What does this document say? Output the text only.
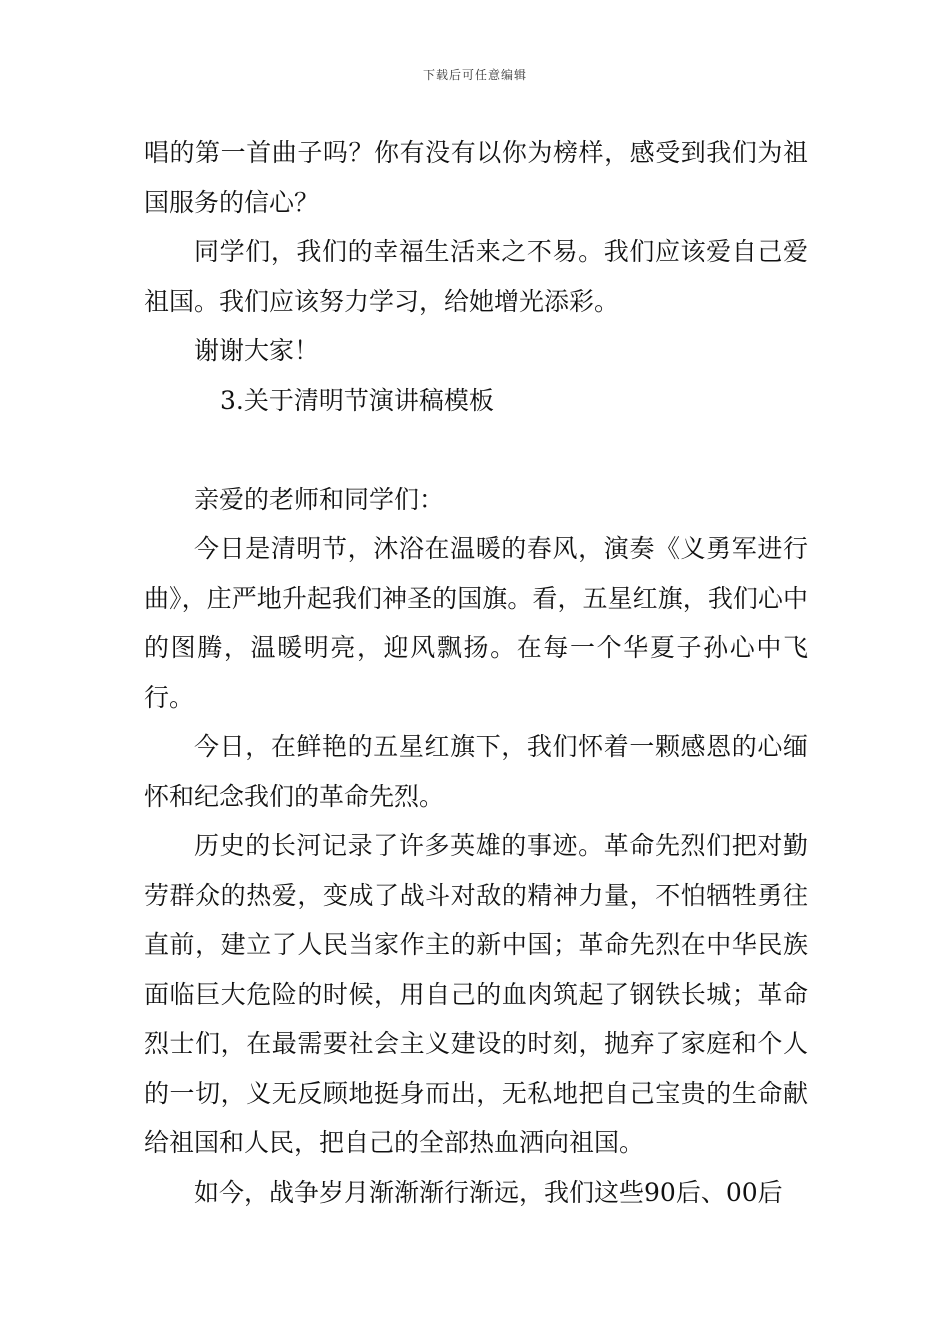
下载后可任意编辑

唱的第一首曲子吗？你有没有以你为榜样，感受到我们为祖国服务的信心？

同学们，我们的幸福生活来之不易。我们应该爱自己爱祖国。我们应该努力学习，给她增光添彩。

谢谢大家！

3.关于清明节演讲稿模板

亲爱的老师和同学们：

今日是清明节，沐浴在温暖的春风，演奏《义勇军进行曲》，庄严地升起我们神圣的国旗。看，五星红旗，我们心中的图腾，温暖明亮，迎风飘扬。在每一个华夏子孙心中飞行。

今日，在鲜艳的五星红旗下，我们怀着一颗感恩的心缅怀和纪念我们的革命先烈。

历史的长河记录了许多英雄的事迹。革命先烈们把对勤劳群众的热爱，变成了战斗对敌的精神力量，不怕牺牲勇往直前，建立了人民当家作主的新中国；革命先烈在中华民族面临巨大危险的时候，用自己的血肉筑起了钢铁长城；革命烈士们，在最需要社会主义建设的时刻，抛弃了家庭和个人的一切，义无反顾地挺身而出，无私地把自己宝贵的生命献给祖国和人民，把自己的全部热血洒向祖国。

如今，战争岁月渐渐渐行渐远，我们这些90后、00后
